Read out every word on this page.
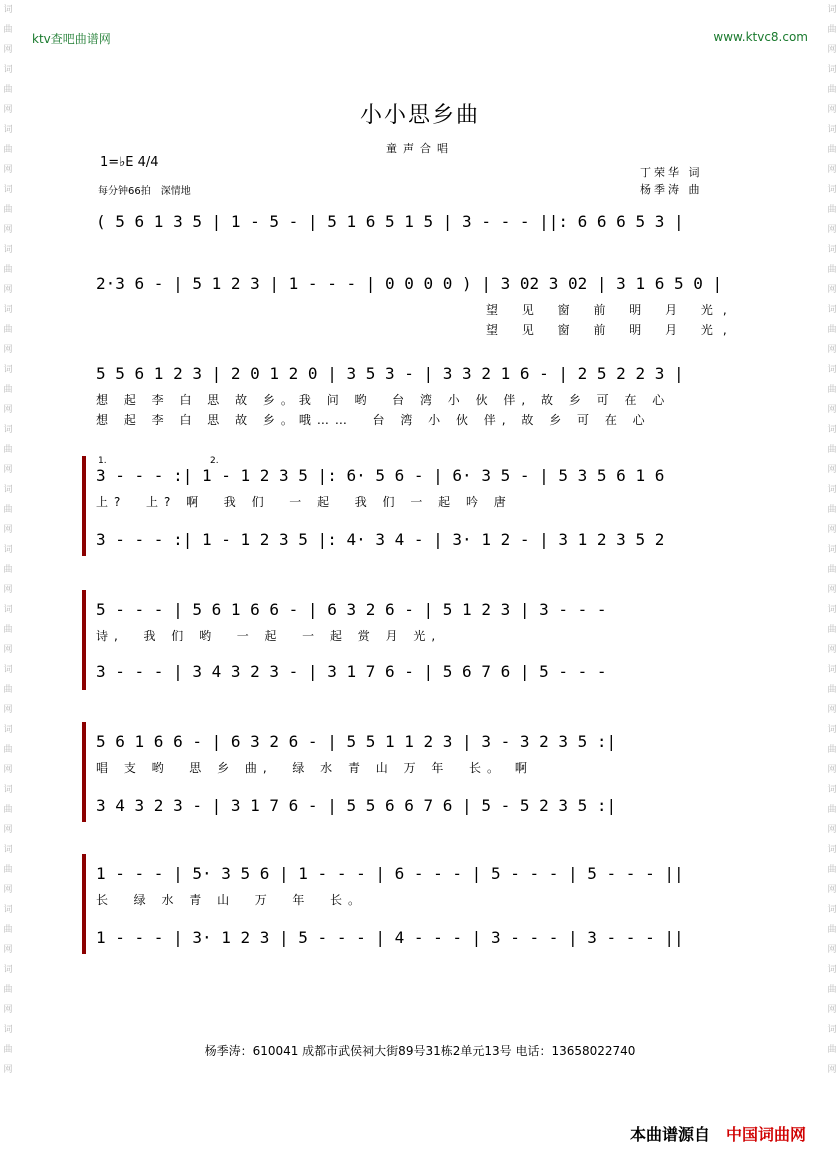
词曲网词曲网词曲网词曲网词曲网词曲网词曲网词曲网词曲网词曲网词曲网词曲网词曲网词曲网词曲网词曲网词曲网词曲网
词曲网词曲网词曲网词曲网词曲网词曲网词曲网词曲网词曲网词曲网词曲网词曲网词曲网词曲网词曲网词曲网词曲网词曲网
ktv查吧曲谱网	www.ktvc8.com
小小思乡曲
童声合唱
1=♭E 4/4
每分钟66拍　深情地
丁荣华 词
杨季涛 曲
( 5 6 1 3 5 | 1 - 5 - | 5 1 6 5 1 5 | 3 - - - ||: 6 6 6 5 3 |
2·3 6 - | 5 1 2 3 | 1 - - - | 0 0 0 0 ) | 3 02 3 02 | 3 1 6 5 0 |
望 见 窗 前 明 月 光,
望 见 窗 前 明 月 光,
5 5 6 1 2 3 | 2 0 1 2 0 | 3 5 3 - | 3 3 2 1 6 - | 2 5 2 2 3 |
想 起 李 白 思 故 乡。我 问 哟  台 湾 小 伙 伴, 故 乡 可 在 心
想 起 李 白 思 故 乡。哦……  台 湾 小 伙 伴, 故 乡 可 在 心
1.	2.
3 - - - :| 1 - 1 2 3 5 |: 6· 5 6 - | 6· 3 5 - | 5 3 5 6 1 6
上?  上? 啊  我 们  一 起  我 们 一 起 吟 唐
3 - - - :| 1 - 1 2 3 5 |: 4· 3 4 - | 3· 1 2 - | 3 1 2 3 5 2
5 - - - | 5 6 1 6 6 - | 6 3 2 6 - | 5 1 2 3 | 3 - - -
诗,  我 们 哟  一 起  一 起 赏 月 光,
3 - - - | 3 4 3 2 3 - | 3 1 7 6 - | 5 6 7 6 | 5 - - -
5 6 1 6 6 - | 6 3 2 6 - | 5 5 1 1 2 3 | 3 - 3 2 3 5 :|
唱 支 哟  思 乡 曲,  绿 水 青 山 万 年  长。 啊
3 4 3 2 3 - | 3 1 7 6 - | 5 5 6 6 7 6 | 5 - 5 2 3 5 :|
1 - - - | 5· 3 5 6 | 1 - - - | 6 - - - | 5 - - - | 5 - - - ||
长  绿 水 青 山  万  年  长。
1 - - - | 3· 1 2 3 | 5 - - - | 4 - - - | 3 - - - | 3 - - - ||
杨季涛：610041 成都市武侯祠大街89号31栋2单元13号 电话：13658022740
本曲谱源自 中国词曲网
